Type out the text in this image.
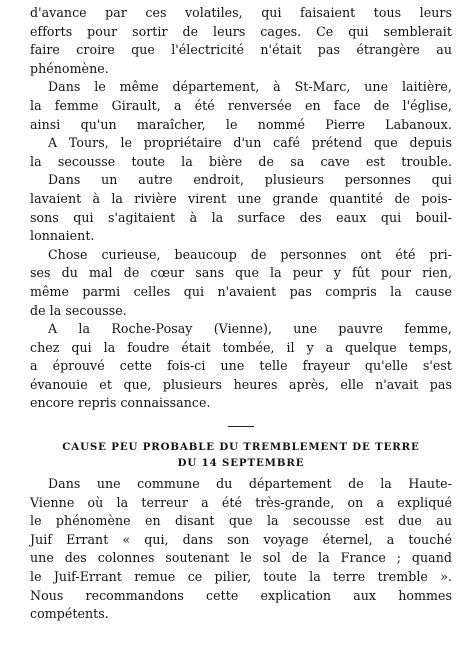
d'avance par ces volatiles, qui faisaient tous leurs
efforts pour sortir de leurs cages. Ce qui semblerait
faire croire que l'électricité n'était pas étrangère au
phénomène.
Dans le même département, à St-Marc, une laitière,
la femme Girault, a été renversée en face de l'église,
ainsi qu'un maraîcher, le nommé Pierre Labanoux.
A Tours, le propriétaire d'un café prétend que depuis
la secousse toute la bière de sa cave est trouble.
Dans un autre endroit, plusieurs personnes qui
lavaient à la rivière virent une grande quantité de pois-
sons qui s'agitaient à la surface des eaux qui bouil-
lonnaient.
Chose curieuse, beaucoup de personnes ont été pri-
ses du mal de cœur sans que la peur y fût pour rien,
même parmi celles qui n'avaient pas compris la cause
de la secousse.
A la Roche-Posay (Vienne), une pauvre femme,
chez qui la foudre était tombée, il y a quelque temps,
a éprouvé cette fois-ci une telle frayeur qu'elle s'est
évanouie et que, plusieurs heures après, elle n'avait pas
encore repris connaissance.
CAUSE PEU PROBABLE DU TREMBLEMENT DE TERRE
DU 14 SEPTEMBRE
Dans une commune du département de la Haute-
Vienne où la terreur a été très-grande, on a expliqué
le phénomène en disant que la secousse est due au
Juif Errant « qui, dans son voyage éternel, a touché
une des colonnes soutenant le sol de la France ; quand
le Juif-Errant remue ce pilier, toute la terre tremble ».
Nous recommandons cette explication aux hommes
compétents.
